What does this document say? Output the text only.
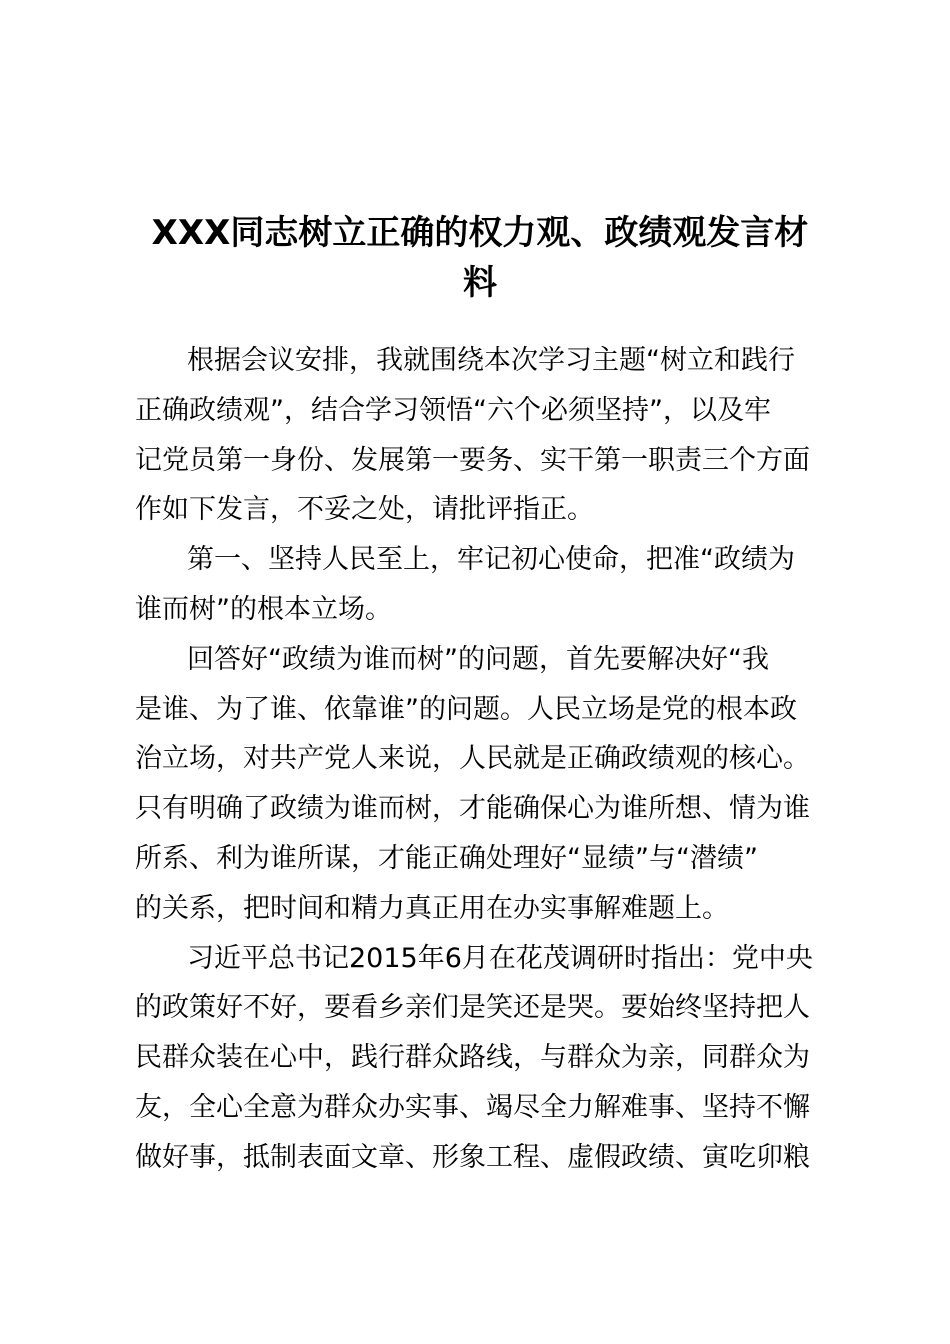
XXX同志树立正确的权力观、政绩观发言材
料
根据会议安排，我就围绕本次学习主题“树立和践行
正确政绩观”，结合学习领悟“六个必须坚持”，以及牢
记党员第一身份、发展第一要务、实干第一职责三个方面
作如下发言，不妥之处，请批评指正。
第一、坚持人民至上，牢记初心使命，把准“政绩为
谁而树”的根本立场。
回答好“政绩为谁而树”的问题，首先要解决好“我
是谁、为了谁、依靠谁”的问题。人民立场是党的根本政
治立场，对共产党人来说，人民就是正确政绩观的核心。
只有明确了政绩为谁而树，才能确保心为谁所想、情为谁
所系、利为谁所谋，才能正确处理好“显绩”与“潜绩”
的关系，把时间和精力真正用在办实事解难题上。
习近平总书记2015年6月在花茂调研时指出：党中央
的政策好不好，要看乡亲们是笑还是哭。要始终坚持把人
民群众装在心中，践行群众路线，与群众为亲，同群众为
友，全心全意为群众办实事、竭尽全力解难事、坚持不懈
做好事，抵制表面文章、形象工程、虚假政绩、寅吃卯粮
